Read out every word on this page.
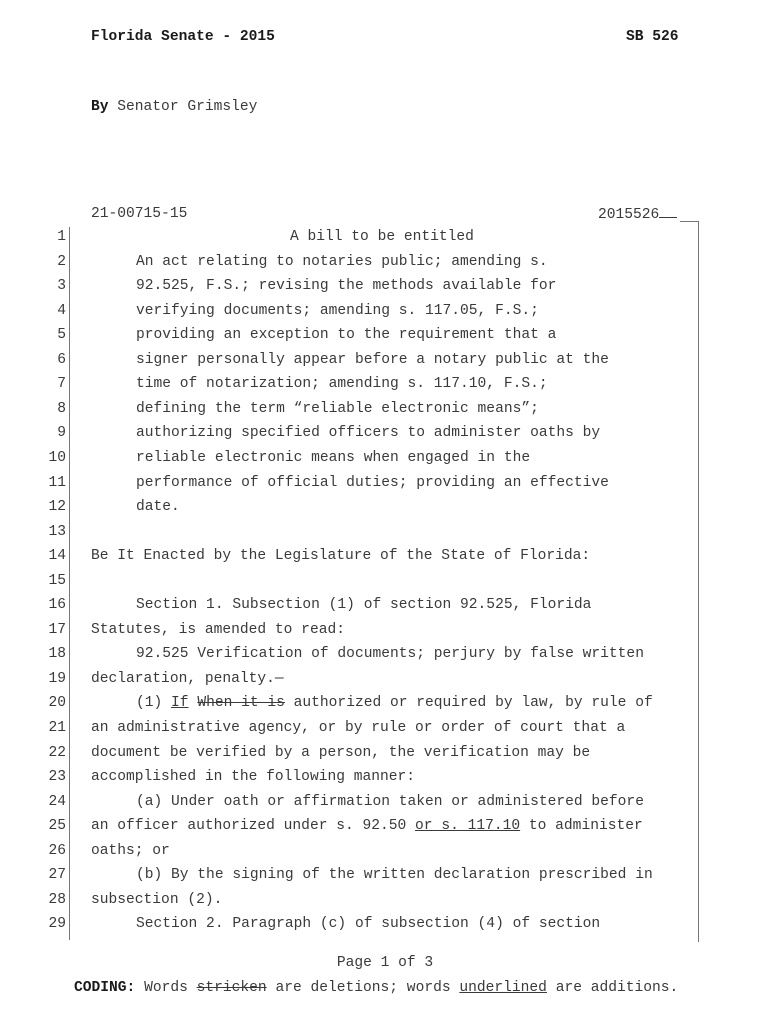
Florida Senate - 2015	SB 526
By Senator Grimsley
21-00715-15	2015526
1	A bill to be entitled
2	An act relating to notaries public; amending s.
3	92.525, F.S.; revising the methods available for
4	verifying documents; amending s. 117.05, F.S.;
5	providing an exception to the requirement that a
6	signer personally appear before a notary public at the
7	time of notarization; amending s. 117.10, F.S.;
8	defining the term “reliable electronic means”;
9	authorizing specified officers to administer oaths by
10	reliable electronic means when engaged in the
11	performance of official duties; providing an effective
12	date.
13
14 Be It Enacted by the Legislature of the State of Florida:
15
16	Section 1. Subsection (1) of section 92.525, Florida
17 Statutes, is amended to read:
18	92.525 Verification of documents; perjury by false written
19 declaration, penalty.—
20	(1) If When it is authorized or required by law, by rule of
21 an administrative agency, or by rule or order of court that a
22 document be verified by a person, the verification may be
23 accomplished in the following manner:
24	(a) Under oath or affirmation taken or administered before
25 an officer authorized under s. 92.50 or s. 117.10 to administer
26 oaths; or
27	(b) By the signing of the written declaration prescribed in
28 subsection (2).
29	Section 2. Paragraph (c) of subsection (4) of section
Page 1 of 3
CODING: Words stricken are deletions; words underlined are additions.
